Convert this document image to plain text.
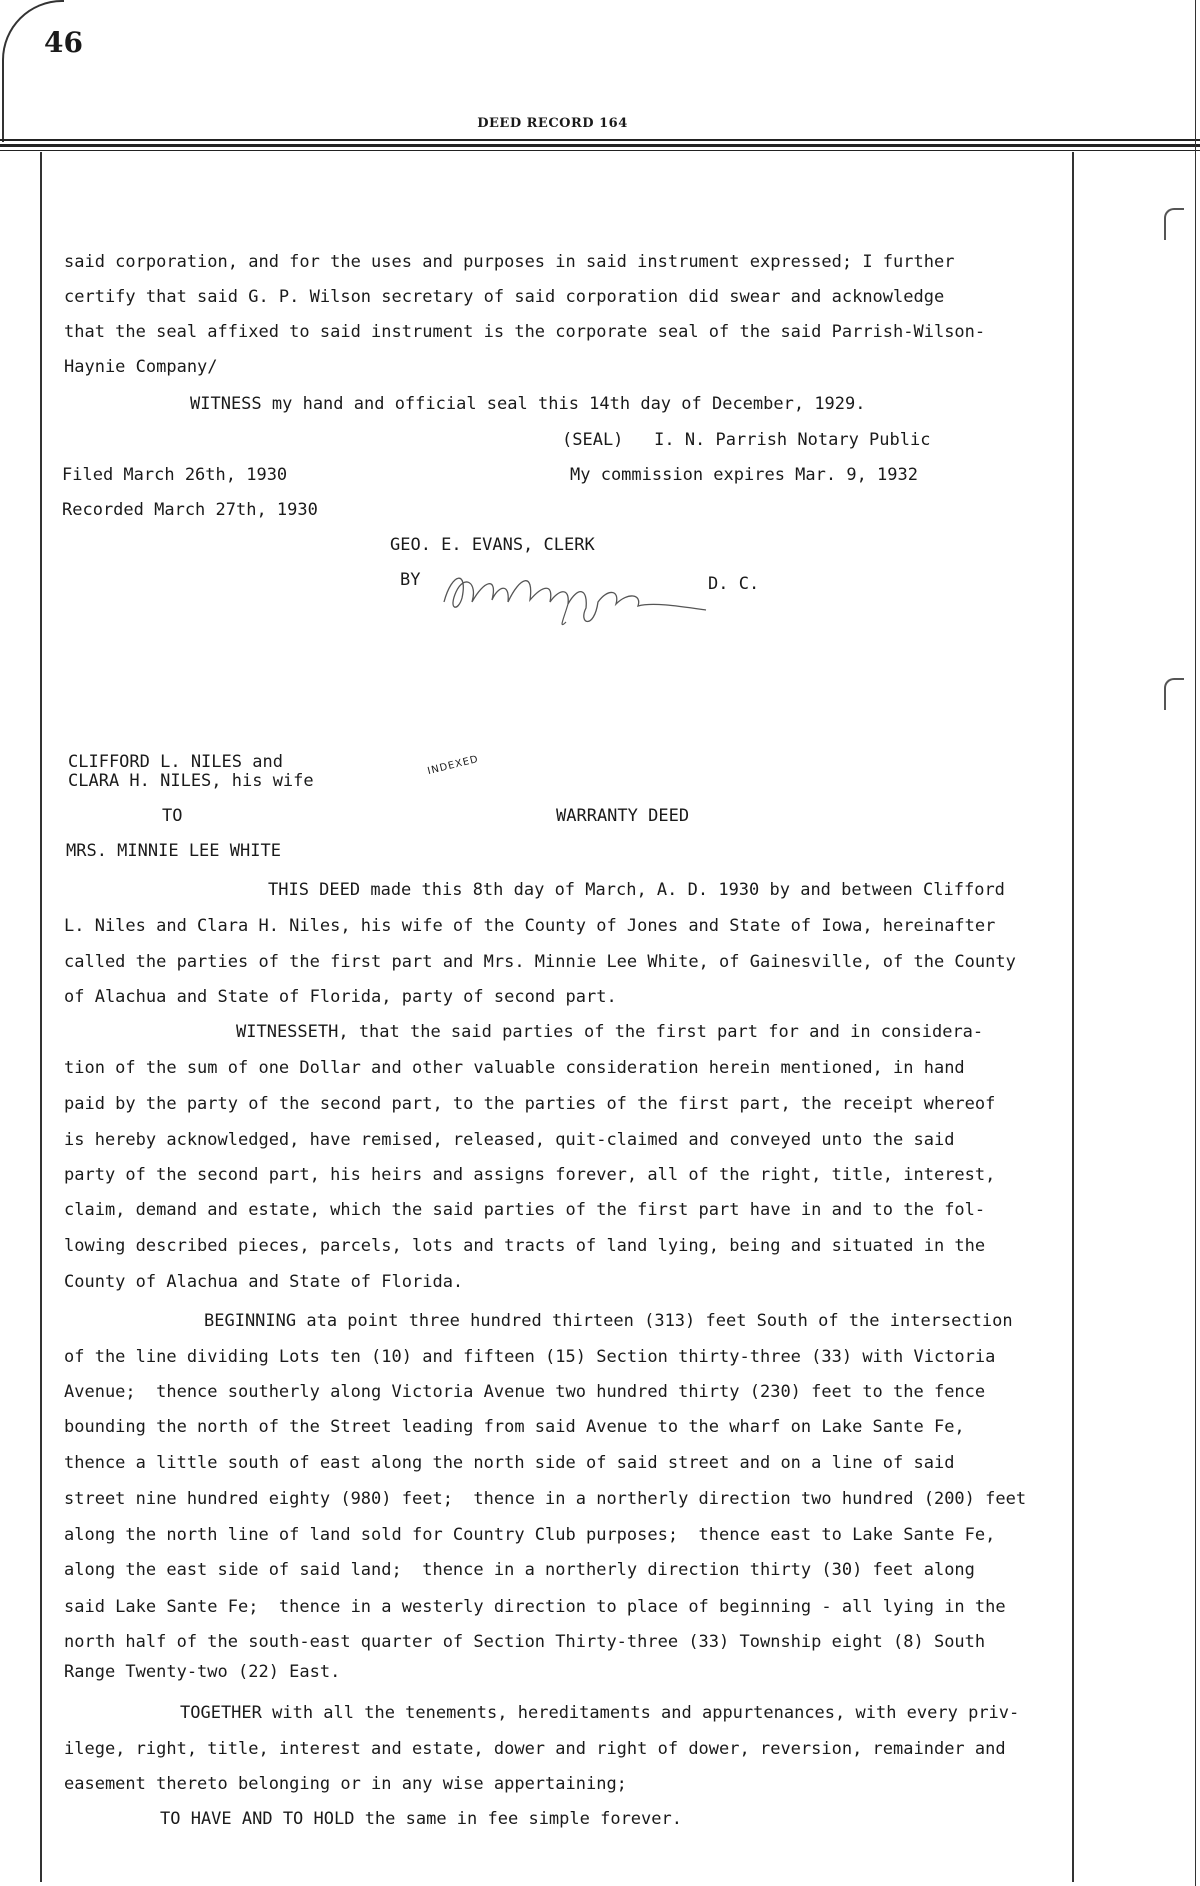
46
DEED RECORD 164
said corporation, and for the uses and purposes in said instrument expressed; I further
certify that said G. P. Wilson secretary of said corporation did swear and acknowledge
that the seal affixed to said instrument is the corporate seal of the said Parrish-Wilson-
Haynie Company/
WITNESS my hand and official seal this 14th day of December, 1929.
(SEAL)   I. N. Parrish Notary Public
Filed March 26th, 1930	My commission expires Mar. 9, 1932
Recorded March 27th, 1930
GEO. E. EVANS, CLERK
BY	D. C.
CLIFFORD L. NILES and
CLARA H. NILES, his wife
INDEXED
TO	WARRANTY DEED
MRS. MINNIE LEE WHITE
THIS DEED made this 8th day of March, A. D. 1930 by and between Clifford
L. Niles and Clara H. Niles, his wife of the County of Jones and State of Iowa, hereinafter
called the parties of the first part and Mrs. Minnie Lee White, of Gainesville, of the County
of Alachua and State of Florida, party of second part.
WITNESSETH, that the said parties of the first part for and in considera-
tion of the sum of one Dollar and other valuable consideration herein mentioned, in hand
paid by the party of the second part, to the parties of the first part, the receipt whereof
is hereby acknowledged, have remised, released, quit-claimed and conveyed unto the said
party of the second part, his heirs and assigns forever, all of the right, title, interest,
claim, demand and estate, which the said parties of the first part have in and to the fol-
lowing described pieces, parcels, lots and tracts of land lying, being and situated in the
County of Alachua and State of Florida.
BEGINNING ata point three hundred thirteen (313) feet South of the intersection
of the line dividing Lots ten (10) and fifteen (15) Section thirty-three (33) with Victoria
Avenue;  thence southerly along Victoria Avenue two hundred thirty (230) feet to the fence
bounding the north of the Street leading from said Avenue to the wharf on Lake Sante Fe,
thence a little south of east along the north side of said street and on a line of said
street nine hundred eighty (980) feet;  thence in a northerly direction two hundred (200) feet
along the north line of land sold for Country Club purposes;  thence east to Lake Sante Fe,
along the east side of said land;  thence in a northerly direction thirty (30) feet along
said Lake Sante Fe;  thence in a westerly direction to place of beginning - all lying in the
north half of the south-east quarter of Section Thirty-three (33) Township eight (8) South
Range Twenty-two (22) East.
TOGETHER with all the tenements, hereditaments and appurtenances, with every priv-
ilege, right, title, interest and estate, dower and right of dower, reversion, remainder and
easement thereto belonging or in any wise appertaining;
TO HAVE AND TO HOLD the same in fee simple forever.
